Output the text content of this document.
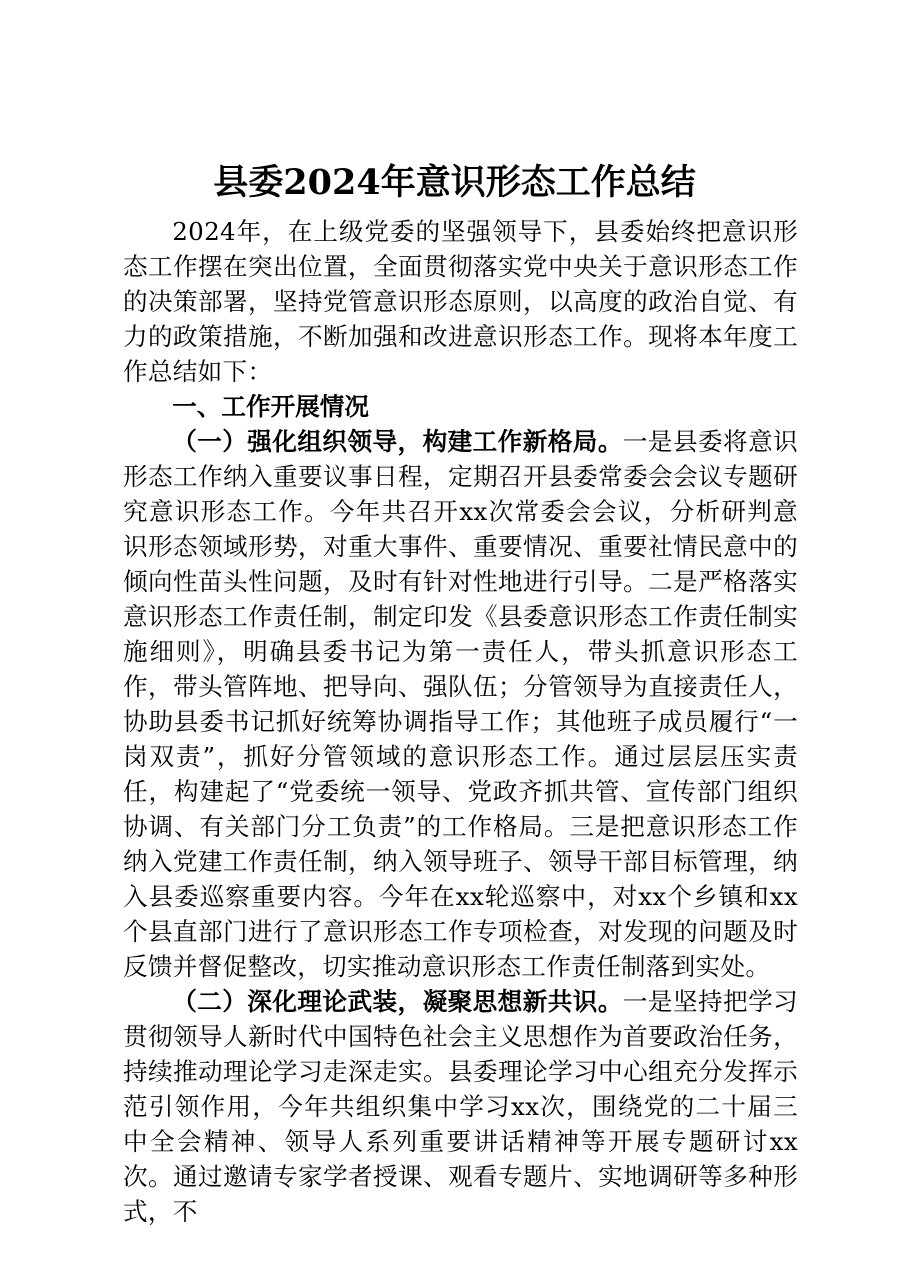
县委2024年意识形态工作总结

2024年，在上级党委的坚强领导下，县委始终把意识形态工作摆在突出位置，全面贯彻落实党中央关于意识形态工作的决策部署，坚持党管意识形态原则，以高度的政治自觉、有力的政策措施，不断加强和改进意识形态工作。现将本年度工作总结如下：

一、工作开展情况

（一）强化组织领导，构建工作新格局。一是县委将意识形态工作纳入重要议事日程，定期召开县委常委会会议专题研究意识形态工作。今年共召开xx次常委会会议，分析研判意识形态领域形势，对重大事件、重要情况、重要社情民意中的倾向性苗头性问题，及时有针对性地进行引导。二是严格落实意识形态工作责任制，制定印发《县委意识形态工作责任制实施细则》，明确县委书记为第一责任人，带头抓意识形态工作，带头管阵地、把导向、强队伍；分管领导为直接责任人，协助县委书记抓好统筹协调指导工作；其他班子成员履行“一岗双责”，抓好分管领域的意识形态工作。通过层层压实责任，构建起了“党委统一领导、党政齐抓共管、宣传部门组织协调、有关部门分工负责”的工作格局。三是把意识形态工作纳入党建工作责任制，纳入领导班子、领导干部目标管理，纳入县委巡察重要内容。今年在xx轮巡察中，对xx个乡镇和xx个县直部门进行了意识形态工作专项检查，对发现的问题及时反馈并督促整改，切实推动意识形态工作责任制落到实处。

（二）深化理论武装，凝聚思想新共识。一是坚持把学习贯彻领导人新时代中国特色社会主义思想作为首要政治任务，持续推动理论学习走深走实。县委理论学习中心组充分发挥示范引领作用，今年共组织集中学习xx次，围绕党的二十届三中全会精神、领导人系列重要讲话精神等开展专题研讨xx次。通过邀请专家学者授课、观看专题片、实地调研等多种形式，不
